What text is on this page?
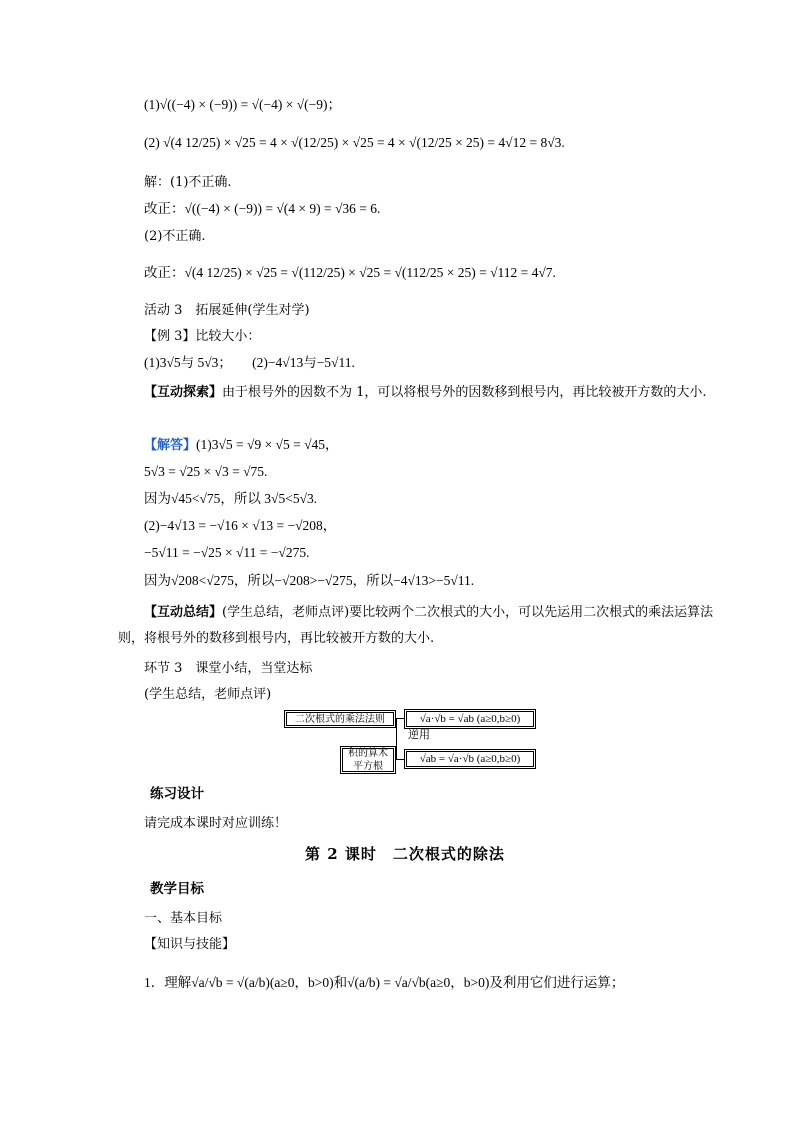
(1)√((−4) × (−9)) = √(−4) × √(−9)；
(2) √(4 12/25) × √25 = 4 × √(12/25) × √25 = 4 × √(12/25 × 25) = 4√12 = 8√3.
解：(1)不正确.
改正：√((−4) × (−9)) = √(4 × 9) = √36 = 6.
(2)不正确.
改正：√(4 12/25) × √25 = √(112/25) × √25 = √(112/25 × 25) = √112 = 4√7.
活动 3　拓展延伸(学生对学)
【例 3】比较大小：
(1)3√5与 5√3；　　(2)−4√13与−5√11.
【互动探索】由于根号外的因数不为 1，可以将根号外的因数移到根号内，再比较被开方数的大小.
【解答】(1)3√5 = √9 × √5 = √45，
5√3 = √25 × √3 = √75.
因为√45<√75，所以 3√5<5√3.
(2)−4√13 = −√16 × √13 = −√208，
−5√11 = −√25 × √11 = −√275.
因为√208<√275，所以−√208>−√275，所以−4√13>−5√11.
【互动总结】(学生总结，老师点评)要比较两个二次根式的大小，可以先运用二次根式的乘法运算法则，将根号外的数移到根号内，再比较被开方数的大小.
环节 3　课堂小结，当堂达标
(学生总结，老师点评)
二次根式的乘法法则	√a·√b = √ab (a≥0,b≥0)
逆用
积的算术
平方根
√ab = √a·√b (a≥0,b≥0)
练习设计
请完成本课时对应训练！
第 2 课时　二次根式的除法
教学目标
一、基本目标
【知识与技能】
1．理解√a/√b = √(a/b)(a≥0，b>0)和√(a/b) = √a/√b(a≥0，b>0)及利用它们进行运算；
